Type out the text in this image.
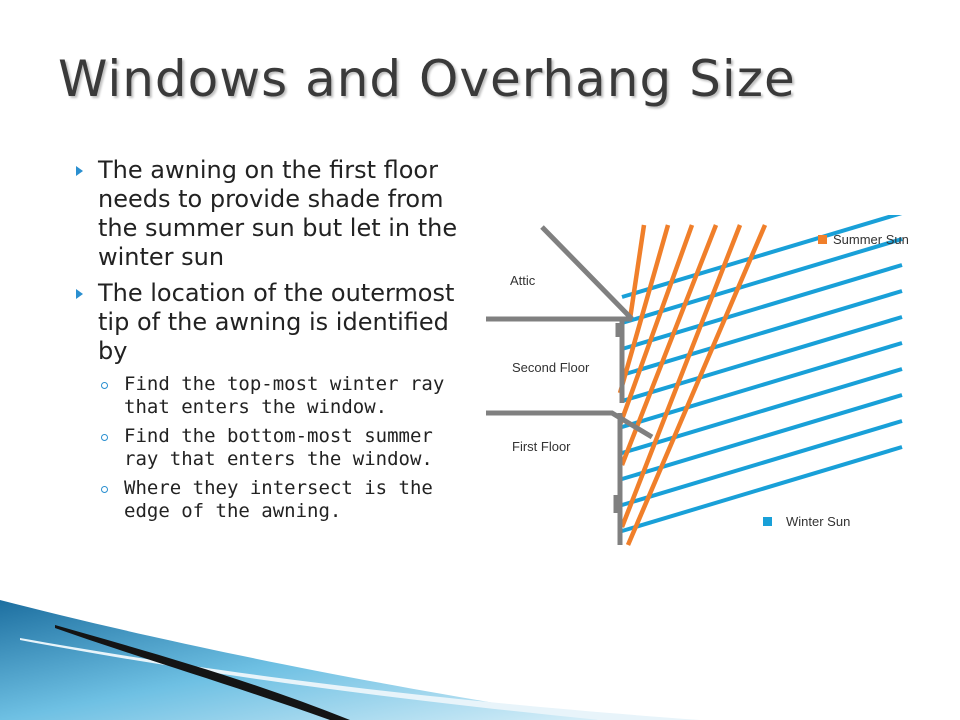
Windows and Overhang Size
The awning on the first floor needs to provide shade from the summer sun but let in the winter sun
The location of the outermost tip of the awning is identified by
Find the top-most winter ray that enters the window.
Find the bottom-most summer ray that enters the window.
Where they intersect is the edge of the awning.
Attic
Second Floor
First Floor
Summer Sun
Winter Sun
